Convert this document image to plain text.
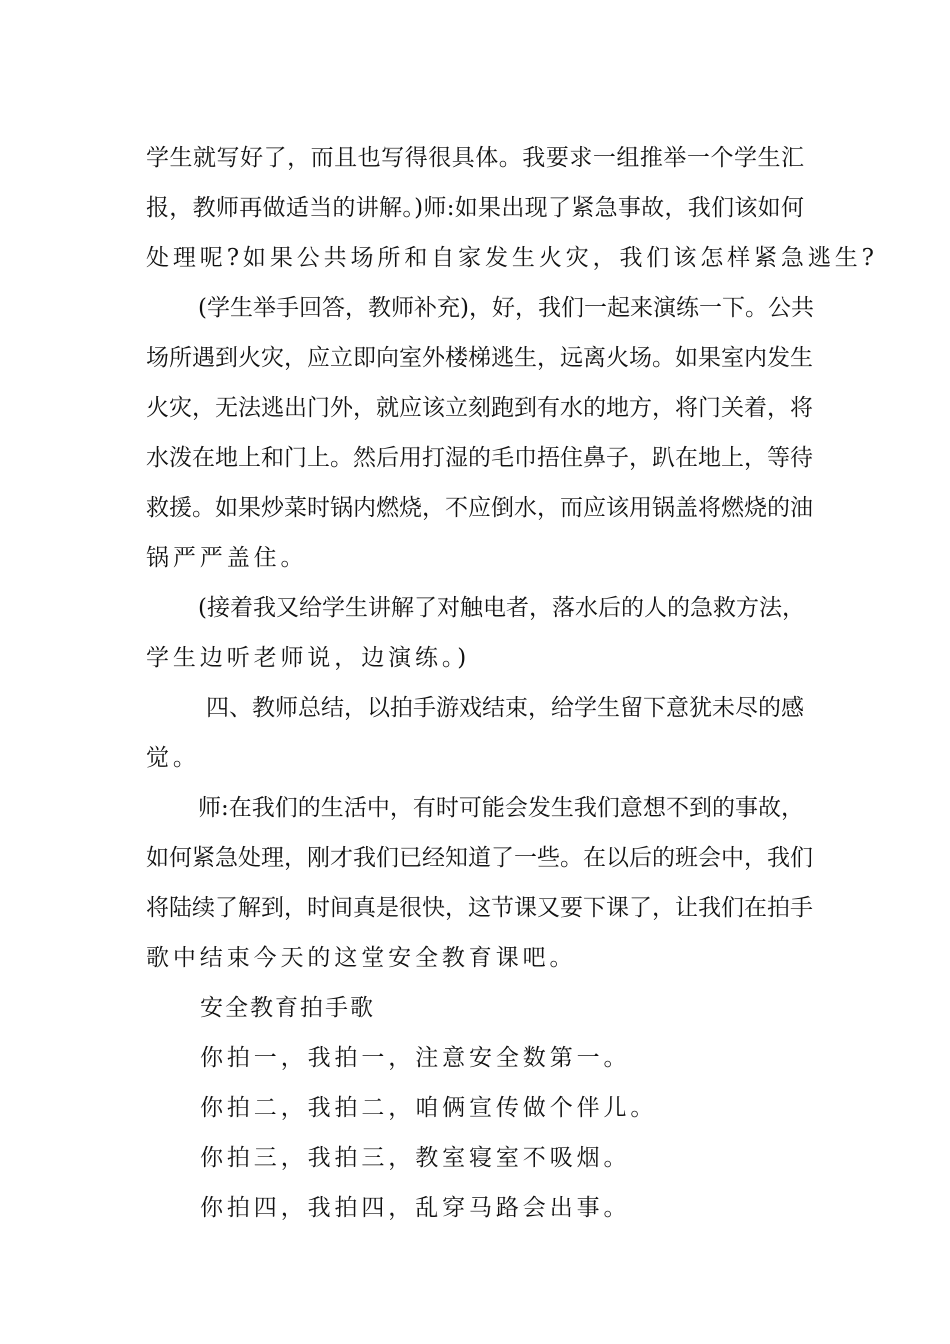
学生就写好了，而且也写得很具体。我要求一组推举一个学生汇
报，教师再做适当的讲解。)师:如果出现了紧急事故，我们该如何
处理呢?如果公共场所和自家发生火灾，我们该怎样紧急逃生?
(学生举手回答，教师补充)，好，我们一起来演练一下。公共
场所遇到火灾，应立即向室外楼梯逃生，远离火场。如果室内发生
火灾，无法逃出门外，就应该立刻跑到有水的地方，将门关着，将
水泼在地上和门上。然后用打湿的毛巾捂住鼻子，趴在地上，等待
救援。如果炒菜时锅内燃烧，不应倒水，而应该用锅盖将燃烧的油
锅严严盖住。
(接着我又给学生讲解了对触电者，落水后的人的急救方法，
学生边听老师说，边演练。)
四、教师总结，以拍手游戏结束，给学生留下意犹未尽的感
觉。
师:在我们的生活中，有时可能会发生我们意想不到的事故，
如何紧急处理，刚才我们已经知道了一些。在以后的班会中，我们
将陆续了解到，时间真是很快，这节课又要下课了，让我们在拍手
歌中结束今天的这堂安全教育课吧。
安全教育拍手歌
你拍一，我拍一，注意安全数第一。
你拍二，我拍二，咱俩宣传做个伴儿。
你拍三，我拍三，教室寝室不吸烟。
你拍四，我拍四，乱穿马路会出事。
